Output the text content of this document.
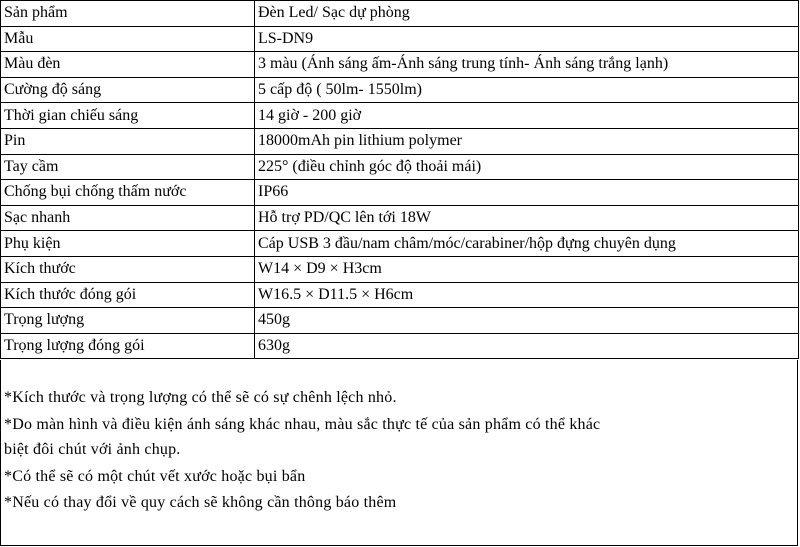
Sản phẩm	Đèn Led/ Sạc dự phòng
Mẫu	LS-DN9
Màu đèn	3 màu (Ánh sáng ấm-Ánh sáng trung tính- Ánh sáng trắng lạnh)
Cường độ sáng	5 cấp độ ( 50lm- 1550lm)
Thời gian chiếu sáng	14 giờ - 200 giờ
Pin	18000mAh pin lithium polymer
Tay cầm	225° (điều chỉnh góc độ thoải mái)
Chống bụi chống thấm nước	IP66
Sạc nhanh	Hỗ trợ PD/QC lên tới 18W
Phụ kiện	Cáp USB 3 đầu/nam châm/móc/carabiner/hộp đựng chuyên dụng
Kích thước	W14 × D9 × H3cm
Kích thước đóng gói	W16.5 × D11.5 × H6cm
Trọng lượng	450g
Trọng lượng đóng gói	630g

*Kích thước và trọng lượng có thể sẽ có sự chênh lệch nhỏ.

*Do màn hình và điều kiện ánh sáng khác nhau, màu sắc thực tế của sản phẩm có thể khác

biệt đôi chút với ảnh chụp.

*Có thể sẽ có một chút vết xước hoặc bụi bẩn

*Nếu có thay đổi về quy cách sẽ không cần thông báo thêm
